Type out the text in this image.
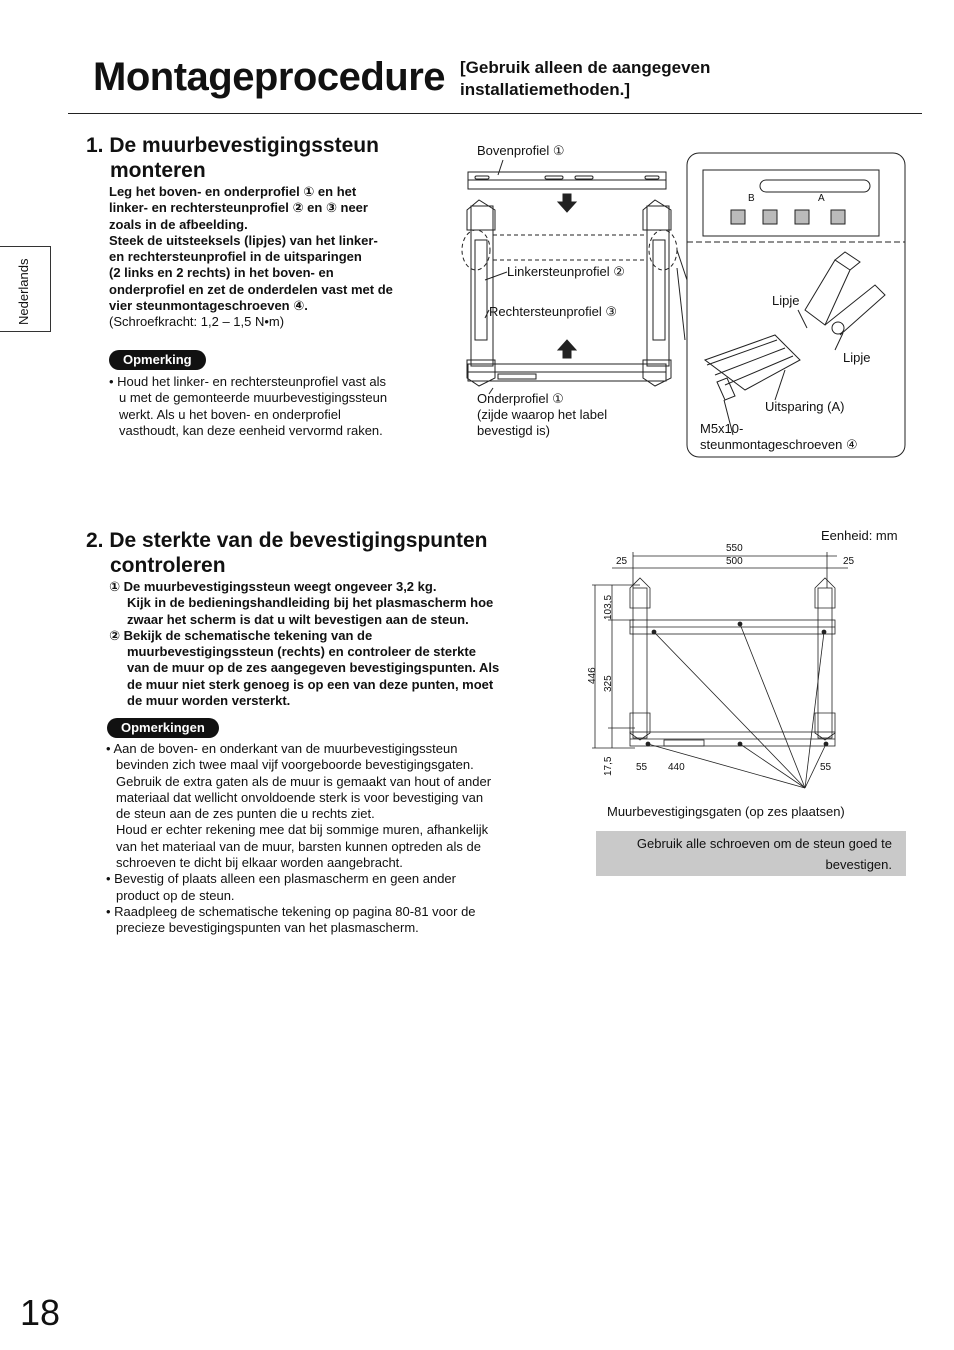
Montageprocedure [Gebruik alleen de aangegeven installatiemethoden.]
Nederlands
1. De muurbevestigingssteun
monteren
Leg het boven- en onderprofiel ① en het
linker- en rechtersteunprofiel ② en ③ neer
zoals in de afbeelding.
Steek de uitsteeksels (lipjes) van het linker-
en rechtersteunprofiel in de uitsparingen
(2 links en 2 rechts) in het boven- en
onderprofiel en zet de onderdelen vast met de
vier steunmontageschroeven ④.
(Schroefkracht: 1,2 – 1,5 N•m)
Opmerking
• Houd het linker- en rechtersteunprofiel vast als
u met de gemonteerde muurbevestigingssteun
werkt. Als u het boven- en onderprofiel
vasthoudt, kan deze eenheid vervormd raken.
Bovenprofiel ①
Linkersteunprofiel ②
Rechtersteunprofiel ③
Onderprofiel ①
(zijde waarop het label
bevestigd is)
Lipje
Lipje
Uitsparing (A)
M5x10-
steunmontageschroeven ④
B	A
2. De sterkte van de bevestigingspunten
controleren
① De muurbevestigingssteun weegt ongeveer 3,2 kg.
Kijk in de bedieningshandleiding bij het plasmascherm hoe
zwaar het scherm is dat u wilt bevestigen aan de steun.
② Bekijk de schematische tekening van de
muurbevestigingssteun (rechts) en controleer de sterkte
van de muur op de zes aangegeven bevestigingspunten. Als
de muur niet sterk genoeg is op een van deze punten, moet
de muur worden versterkt.
Opmerkingen
• Aan de boven- en onderkant van de muurbevestigingssteun
bevinden zich twee maal vijf voorgeboorde bevestigingsgaten.
Gebruik de extra gaten als de muur is gemaakt van hout of ander
materiaal dat wellicht onvoldoende sterk is voor bevestiging van
de steun aan de zes punten die u rechts ziet.
Houd er echter rekening mee dat bij sommige muren, afhankelijk
van het materiaal van de muur, barsten kunnen optreden als de
schroeven te dicht bij elkaar worden aangebracht.
• Bevestig of plaats alleen een plasmascherm en geen ander
product op de steun.
• Raadpleeg de schematische tekening op pagina 80-81 voor de
precieze bevestigingspunten van het plasmascherm.
Eenheid: mm
550
500
25	25
103,5
446 325
17,5 55 440	55
Muurbevestigingsgaten (op zes plaatsen)
Gebruik alle schroeven om de steun goed te bevestigen.
18
